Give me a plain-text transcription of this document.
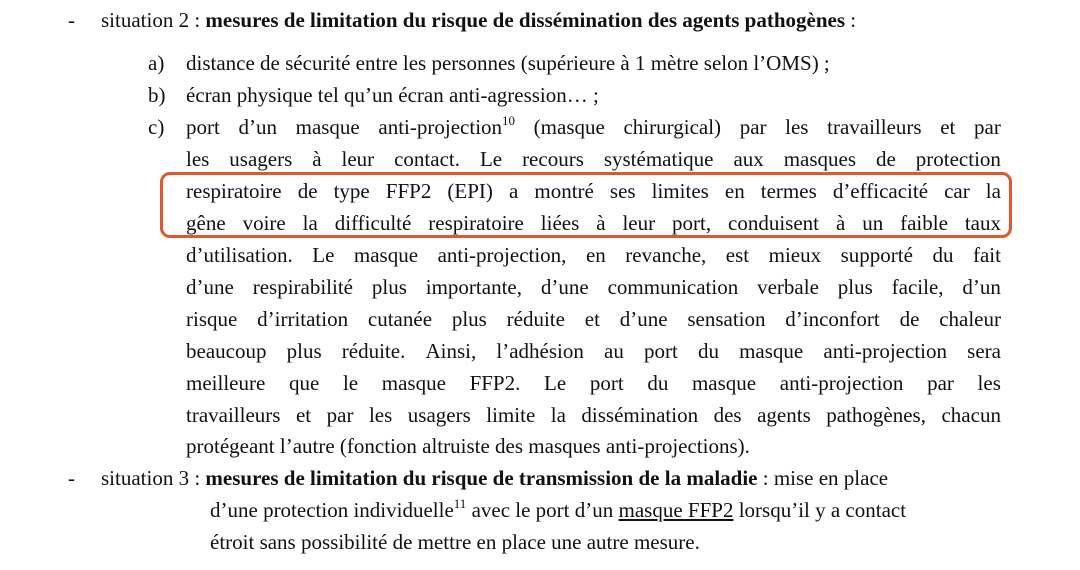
- situation 2 : mesures de limitation du risque de dissémination des agents pathogènes :
a) distance de sécurité entre les personnes (supérieure à 1 mètre selon l’OMS) ;
b) écran physique tel qu’un écran anti-agression… ;
c) port d’un masque anti-projection$^{10}$ (masque chirurgical) par les travailleurs et par
les usagers à leur contact. Le recours systématique aux masques de protection
respiratoire de type FFP2 (EPI) a montré ses limites en termes d’efficacité car la
gêne voire la difficulté respiratoire liées à leur port, conduisent à un faible taux
d’utilisation. Le masque anti-projection, en revanche, est mieux supporté du fait
d’une respirabilité plus importante, d’une communication verbale plus facile, d’un
risque d’irritation cutanée plus réduite et d’une sensation d’inconfort de chaleur
beaucoup plus réduite. Ainsi, l’adhésion au port du masque anti-projection sera
meilleure que le masque FFP2. Le port du masque anti-projection par les
travailleurs et par les usagers limite la dissémination des agents pathogènes, chacun
protégeant l’autre (fonction altruiste des masques anti-projections).
- situation 3 : mesures de limitation du risque de transmission de la maladie : mise en place
d’une protection individuelle$^{11}$ avec le port d’un masque FFP2 lorsqu’il y a contact
étroit sans possibilité de mettre en place une autre mesure.
